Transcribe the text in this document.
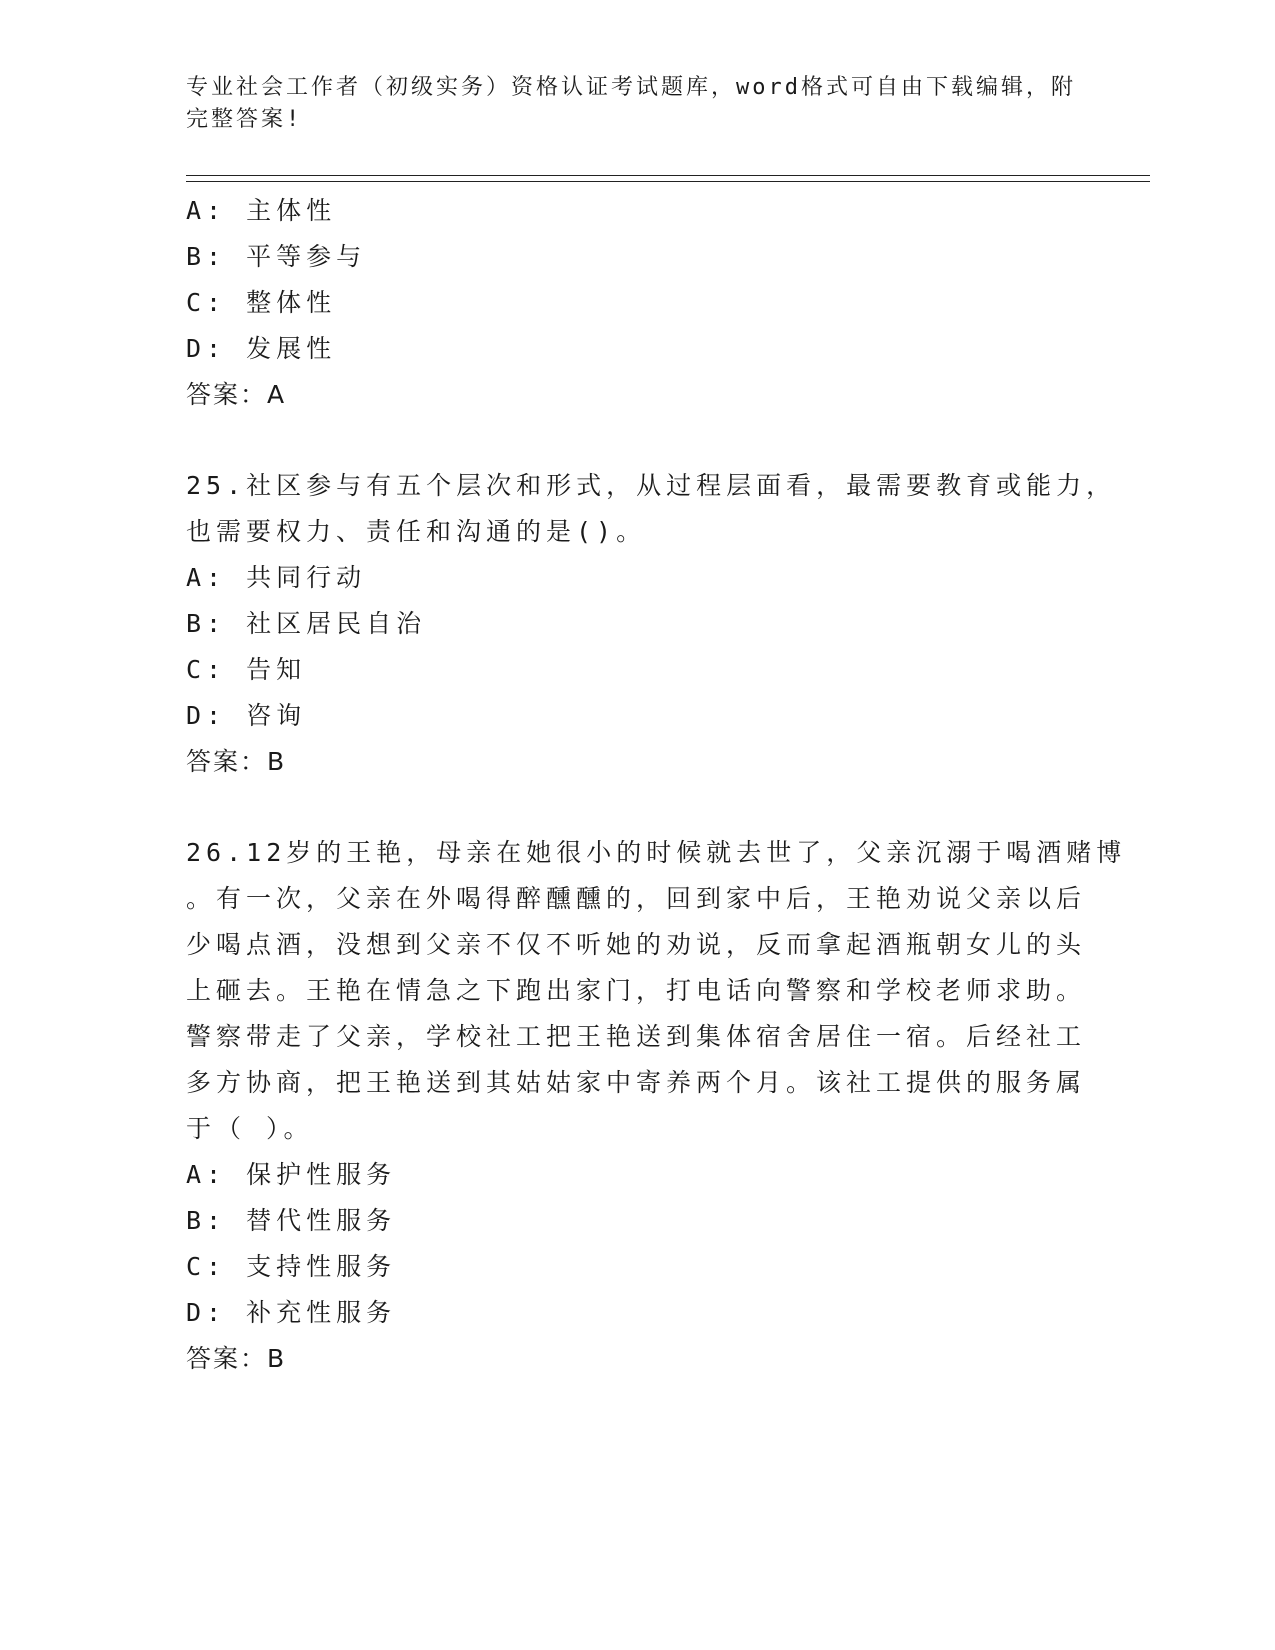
专业社会工作者（初级实务）资格认证考试题库，word格式可自由下载编辑，附
完整答案!
A: 主体性
B: 平等参与
C: 整体性
D: 发展性
答案：A
25.社区参与有五个层次和形式，从过程层面看，最需要教育或能力，
也需要权力、责任和沟通的是()。
A: 共同行动
B: 社区居民自治
C: 告知
D: 咨询
答案：B
26.12岁的王艳，母亲在她很小的时候就去世了，父亲沉溺于喝酒赌博
。有一次，父亲在外喝得醉醺醺的，回到家中后，王艳劝说父亲以后
少喝点酒，没想到父亲不仅不听她的劝说，反而拿起酒瓶朝女儿的头
上砸去。王艳在情急之下跑出家门，打电话向警察和学校老师求助。
警察带走了父亲，学校社工把王艳送到集体宿舍居住一宿。后经社工
多方协商，把王艳送到其姑姑家中寄养两个月。该社工提供的服务属
于（ ）。
A: 保护性服务
B: 替代性服务
C: 支持性服务
D: 补充性服务
答案：B
